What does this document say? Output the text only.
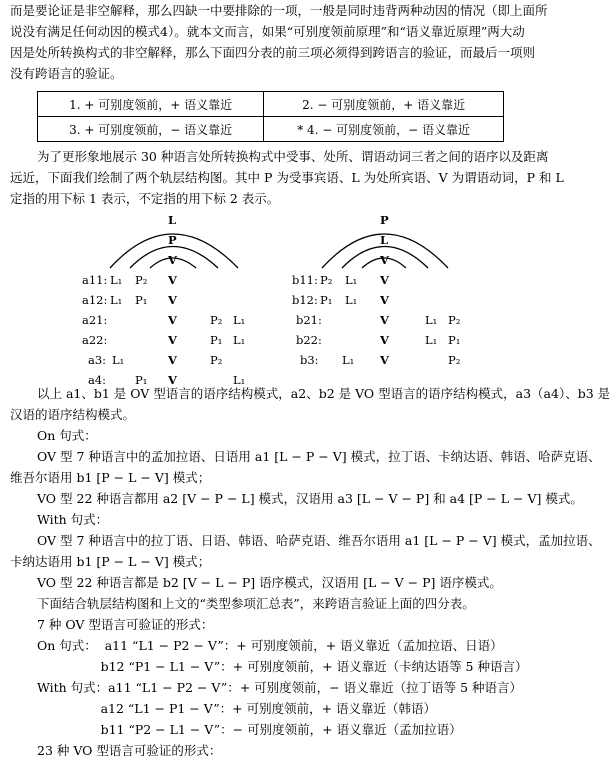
而是要论证是非空解释，那么四缺一中要排除的一项，一般是同时违背两种动因的情况（即上面所
说没有满足任何动因的模式4）。就本文而言，如果“可别度领前原理”和“语义靠近原理”两大动
因是处所转换构式的非空解释，那么下面四分表的前三项必须得到跨语言的验证，而最后一项则
没有跨语言的验证。
1. + 可别度领前，+ 语义靠近	2. − 可别度领前，+ 语义靠近
3. + 可别度领前，− 语义靠近	* 4. − 可别度领前，− 语义靠近
为了更形象地展示 30 种语言处所转换构式中受事、处所、谓语动词三者之间的语序以及距离
远近，下面我们绘制了两个轨层结构图。其中 P 为受事宾语、L 为处所宾语、V 为谓语动词，P 和 L
定指的用下标 1 表示，不定指的用下标 2 表示。
L
P
V
P
L
V
a11: L₁ P₂ V
a12: L₁ P₁ V
a21:	V	P₂ L₁
a22:	V	P₁ L₁
a3: L₁	V	P₂
a4:	P₁ V	L₁
b11: P₂ L₁ V
b12: P₁ L₁ V
b21:	V	L₁ P₂
b22:	V	L₁ P₁
b3: L₁ V	P₂
以上 a1、b1 是 OV 型语言的语序结构模式，a2、b2 是 VO 型语言的语序结构模式，a3（a4）、b3 是
汉语的语序结构模式。
On 句式：
OV 型 7 种语言中的孟加拉语、日语用 a1 [L − P − V] 模式，拉丁语、卡纳达语、韩语、哈萨克语、
维吾尔语用 b1 [P − L − V] 模式；
VO 型 22 种语言都用 a2 [V − P − L] 模式，汉语用 a3 [L − V − P] 和 a4 [P − L − V] 模式。
With 句式：
OV 型 7 种语言中的拉丁语、日语、韩语、哈萨克语、维吾尔语用 a1 [L − P − V] 模式，孟加拉语、
卡纳达语用 b1 [P − L − V] 模式；
VO 型 22 种语言都是 b2 [V − L − P] 语序模式，汉语用 [L − V − P] 语序模式。
下面结合轨层结构图和上文的“类型参项汇总表”，来跨语言验证上面的四分表。
7 种 OV 型语言可验证的形式：
On 句式：  a11 “L1 − P2 − V”：+ 可别度领前，+ 语义靠近（孟加拉语、日语）
b12 “P1 − L1 − V”：+ 可别度领前，+ 语义靠近（卡纳达语等 5 种语言）
With 句式：a11 “L1 − P2 − V”：+ 可别度领前，− 语义靠近（拉丁语等 5 种语言）
a12 “L1 − P1 − V”：+ 可别度领前，+ 语义靠近（韩语）
b11 “P2 − L1 − V”：− 可别度领前，+ 语义靠近（孟加拉语）
23 种 VO 型语言可验证的形式：
